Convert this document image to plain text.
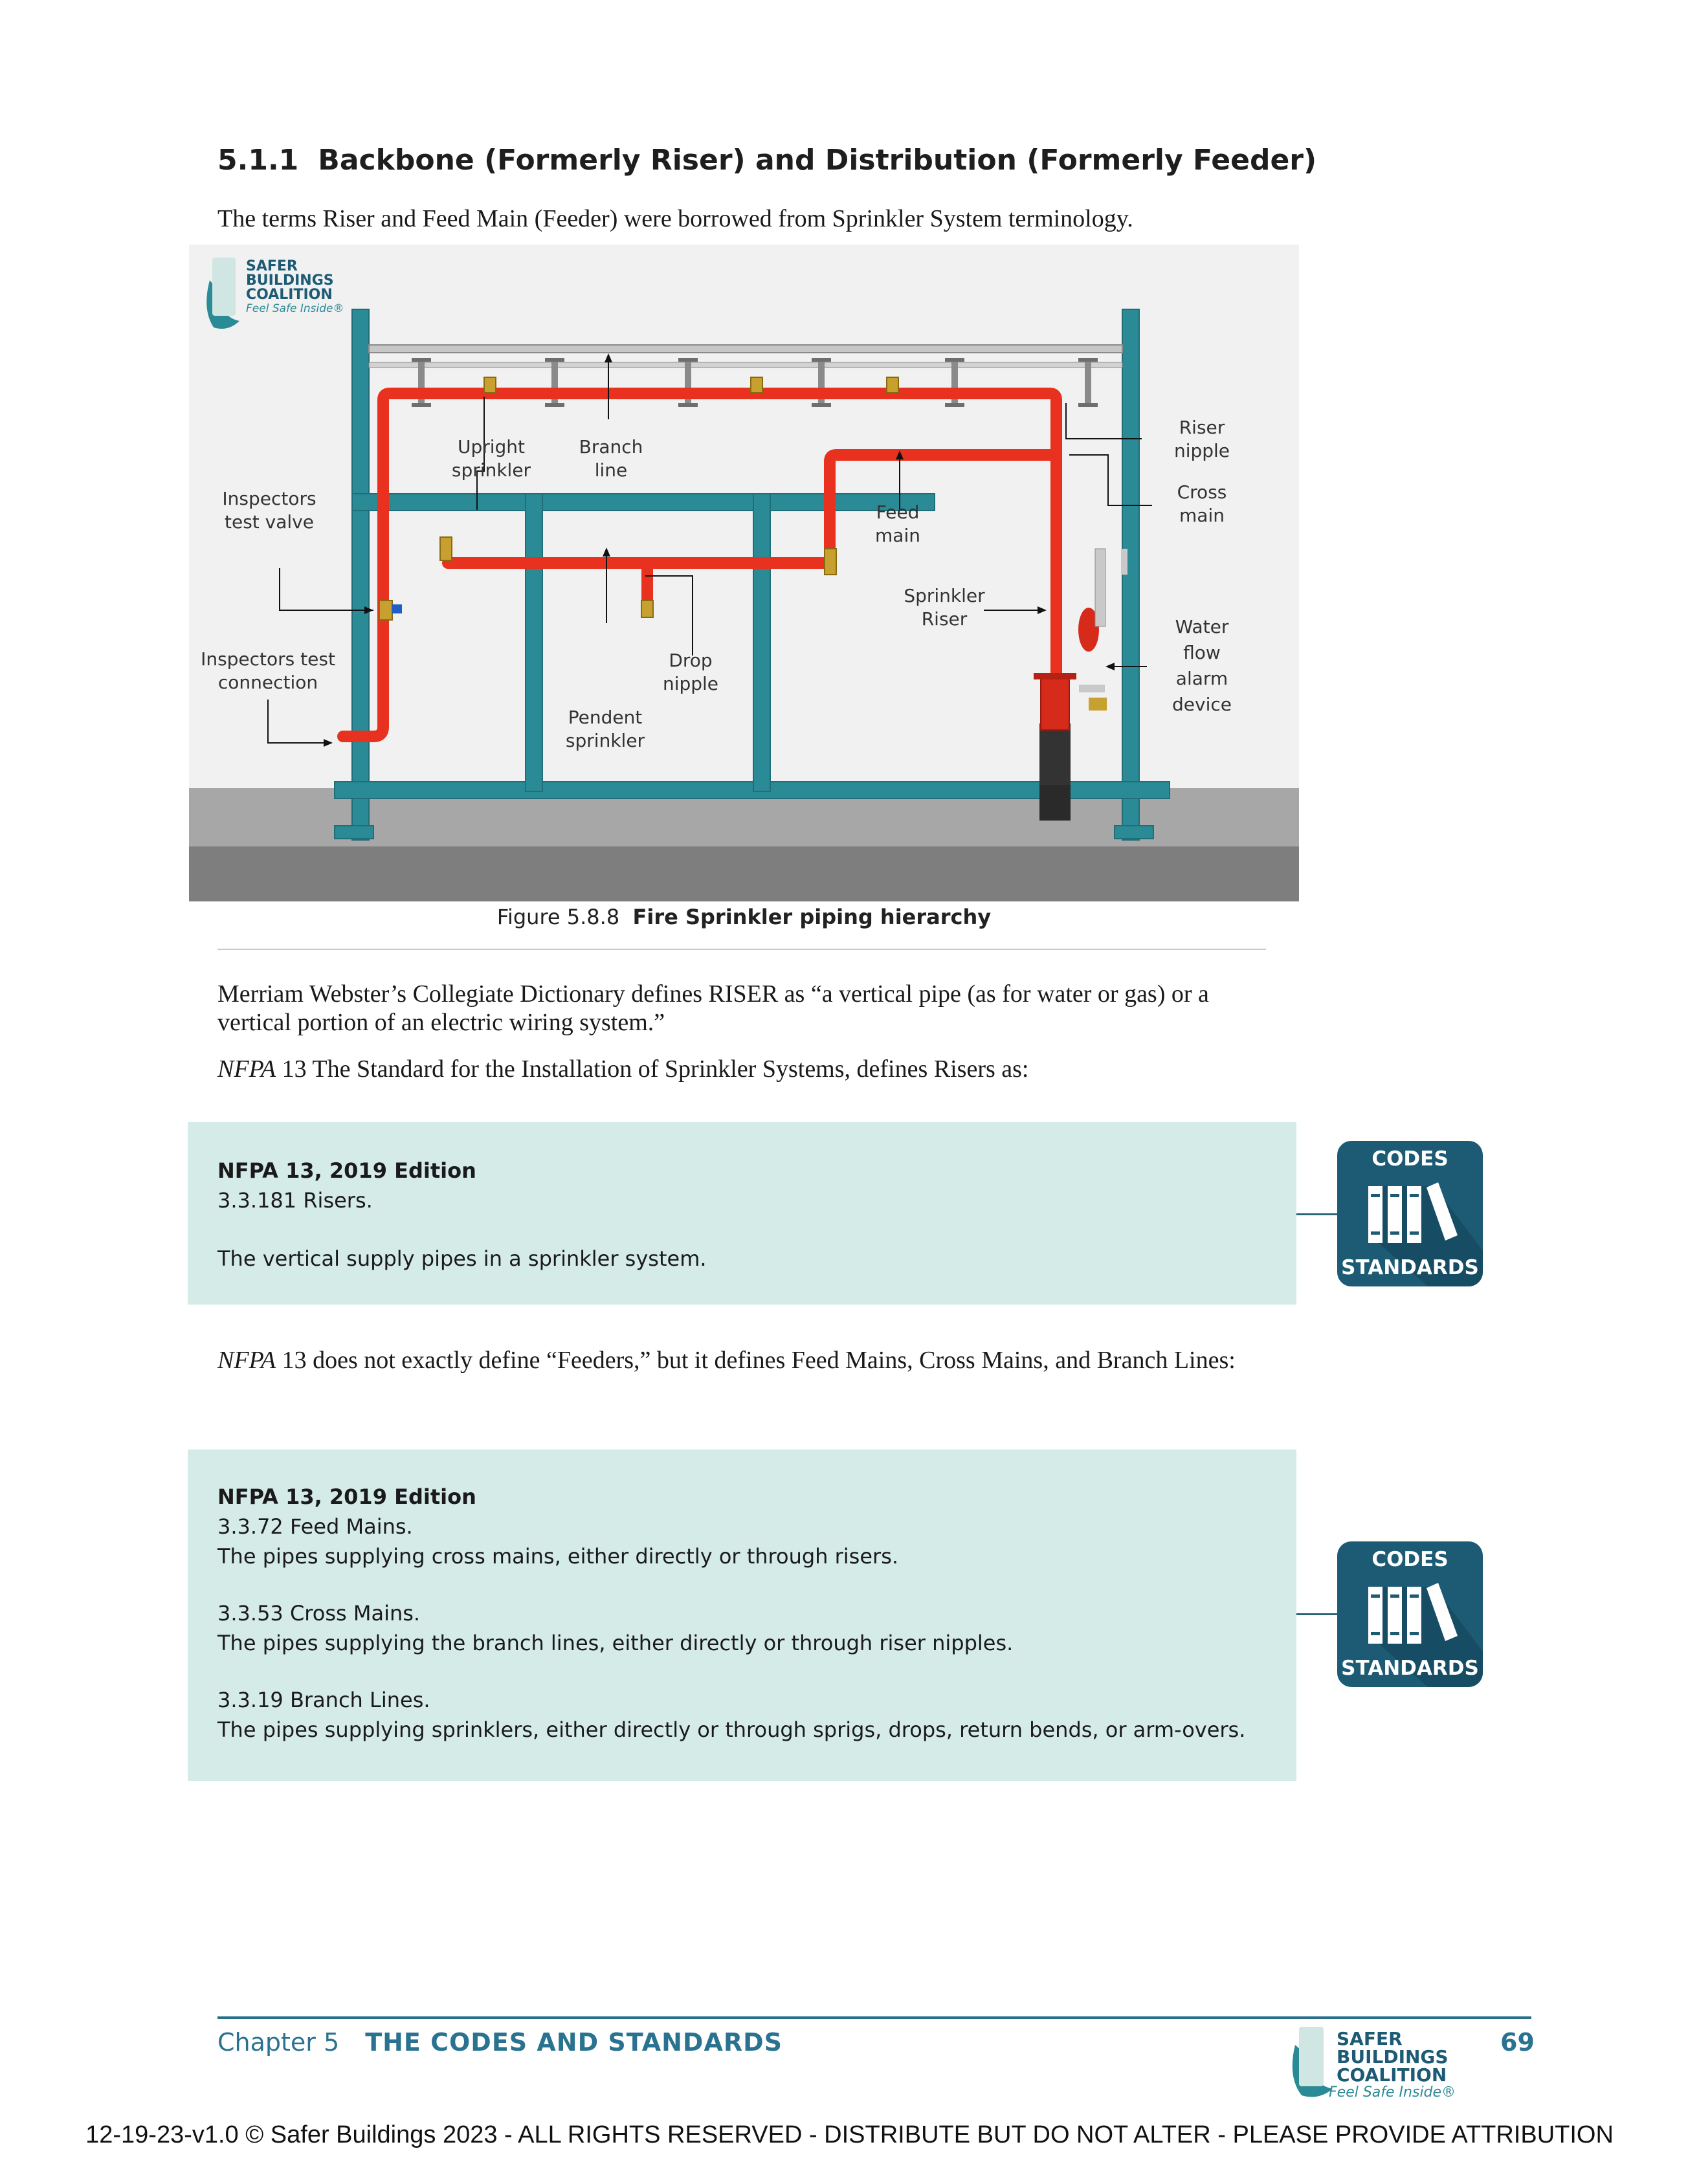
5.1.1 Backbone (Formerly Riser) and Distribution (Formerly Feeder)
The terms Riser and Feed Main (Feeder) were borrowed from Sprinkler System terminology.
SAFER
BUILDINGS
COALITION
Feel Safe Inside®
Upright
sprinkler
Branch
line
Inspectors
test valve
Inspectors test
connection
Feed
main
Sprinkler
Riser
Drop
nipple
Pendent
sprinkler
Riser
nipple
Cross
main
Water
flow
alarm
device
Figure 5.8.8 Fire Sprinkler piping hierarchy
Merriam Webster’s Collegiate Dictionary defines RISER as “a vertical pipe (as for water or gas) or a vertical portion of an electric wiring system.”
NFPA 13 The Standard for the Installation of Sprinkler Systems, defines Risers as:
NFPA 13, 2019 Edition
3.3.181 Risers.
The vertical supply pipes in a sprinkler system.
CODES
STANDARDS
NFPA 13 does not exactly define “Feeders,” but it defines Feed Mains, Cross Mains, and Branch Lines:
NFPA 13, 2019 Edition
3.3.72 Feed Mains.
The pipes supplying cross mains, either directly or through risers.
3.3.53 Cross Mains.
The pipes supplying the branch lines, either directly or through riser nipples.
3.3.19 Branch Lines.
The pipes supplying sprinklers, either directly or through sprigs, drops, return bends, or arm-overs.
CODES
STANDARDS
Chapter 5 THE CODES AND STANDARDS	SAFER
BUILDINGS
COALITION
Feel Safe Inside®
69
12-19-23-v1.0 © Safer Buildings 2023 - ALL RIGHTS RESERVED - DISTRIBUTE BUT DO NOT ALTER - PLEASE PROVIDE ATTRIBUTION
